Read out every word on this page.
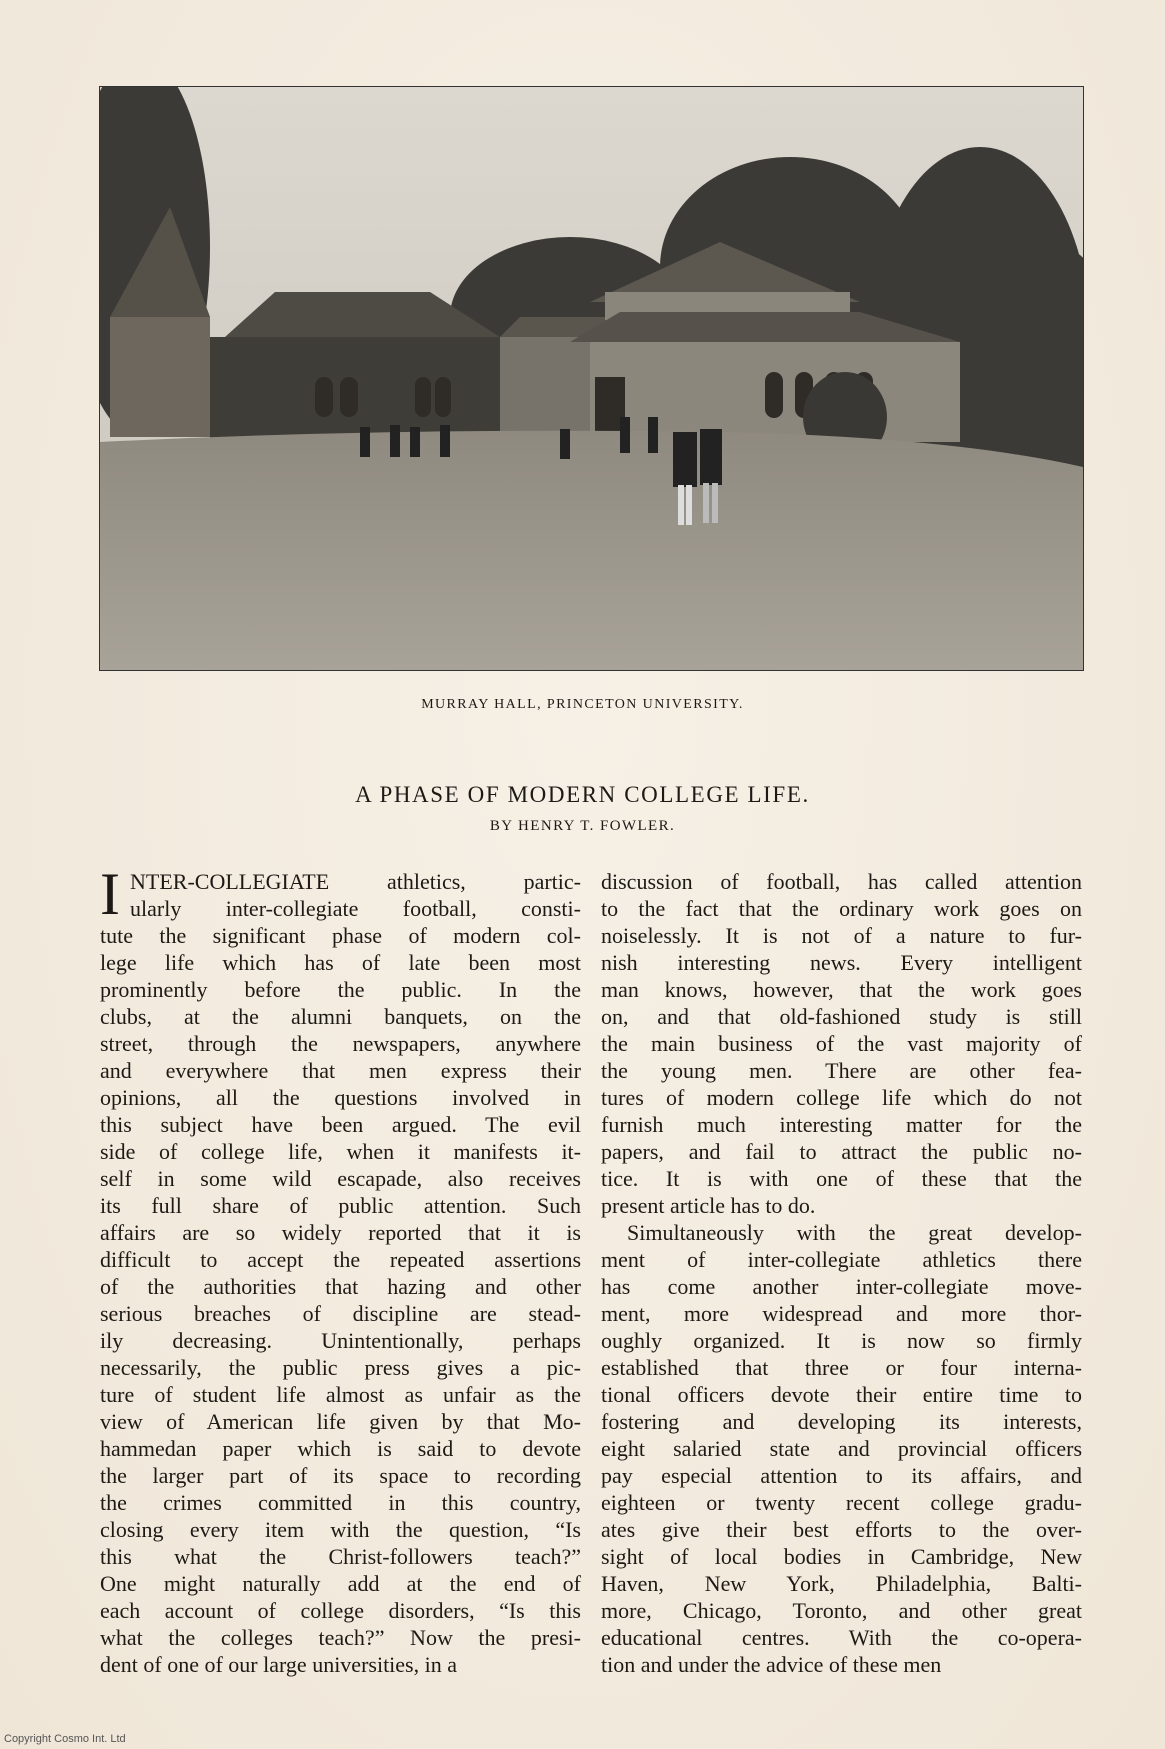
MURRAY HALL, PRINCETON UNIVERSITY.
A PHASE OF MODERN COLLEGE LIFE.
BY HENRY T. FOWLER.
I NTER-COLLEGIATE athletics, partic-
ularly inter-collegiate football, consti-
tute the significant phase of modern col-
lege life which has of late been most
prominently before the public. In the
clubs, at the alumni banquets, on the
street, through the newspapers, anywhere
and everywhere that men express their
opinions, all the questions involved in
this subject have been argued. The evil
side of college life, when it manifests it-
self in some wild escapade, also receives
its full share of public attention. Such
affairs are so widely reported that it is
difficult to accept the repeated assertions
of the authorities that hazing and other
serious breaches of discipline are stead-
ily decreasing. Unintentionally, perhaps
necessarily, the public press gives a pic-
ture of student life almost as unfair as the
view of American life given by that Mo-
hammedan paper which is said to devote
the larger part of its space to recording
the crimes committed in this country,
closing every item with the question, “Is
this what the Christ-followers teach?”
One might naturally add at the end of
each account of college disorders, “Is this
what the colleges teach?” Now the presi-
dent of one of our large universities, in a
discussion of football, has called attention
to the fact that the ordinary work goes on
noiselessly. It is not of a nature to fur-
nish interesting news. Every intelligent
man knows, however, that the work goes
on, and that old-fashioned study is still
the main business of the vast majority of
the young men. There are other fea-
tures of modern college life which do not
furnish much interesting matter for the
papers, and fail to attract the public no-
tice. It is with one of these that the
present article has to do.
Simultaneously with the great develop-
ment of inter-collegiate athletics there
has come another inter-collegiate move-
ment, more widespread and more thor-
oughly organized. It is now so firmly
established that three or four interna-
tional officers devote their entire time to
fostering and developing its interests,
eight salaried state and provincial officers
pay especial attention to its affairs, and
eighteen or twenty recent college gradu-
ates give their best efforts to the over-
sight of local bodies in Cambridge, New
Haven, New York, Philadelphia, Balti-
more, Chicago, Toronto, and other great
educational centres. With the co-opera-
tion and under the advice of these men
Copyright Cosmo Int. Ltd
